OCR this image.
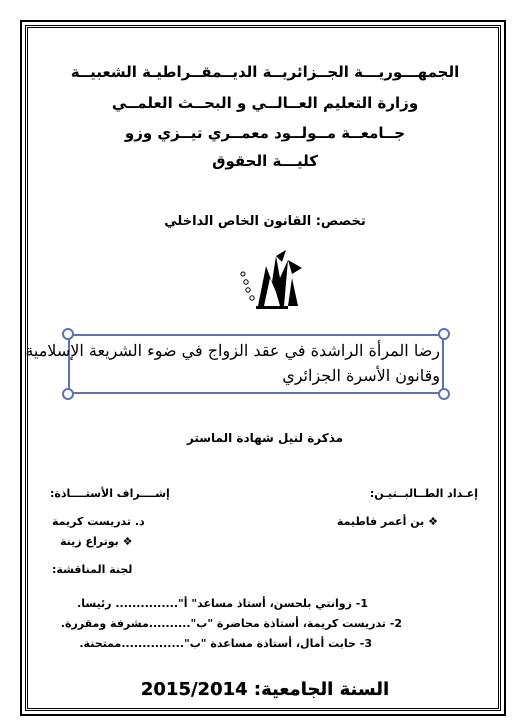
الجمهـــوريـــة الجــزائريــة الديــمقــراطيـة الشعبيــة
وزارة التعليم العــالــي و البحــث العلمــي
جــامعــة مــولــود معمــري تيــزي وزو
كليـــة الحقوق
تخصص: القانون الخاص الداخلي
رضا المرأة الراشدة في عقد الزواج في ضوء الشريعة الإسلامية
وقانون الأسرة الجزائري
مذكرة لنيل شهادة الماستر
إعـداد الطــالبــتيـن:
إشــــراف الأستــــاذة:
❖ بن أعمر فاطيمة
د. تدريست كريمة
❖ بوتراع زينة
لجنة المناقشة:
1- زوانتي بلحسن، أستاذ مساعد" أ"............... رئيسا.
2- تدريست كريمة، أستاذة محاضرة "ب"..........مشرفة ومقررة.
3- حابت أمال، أستاذة مساعدة "ب"...............ممتحنة.
السنة الجامعية: 2015/2014
